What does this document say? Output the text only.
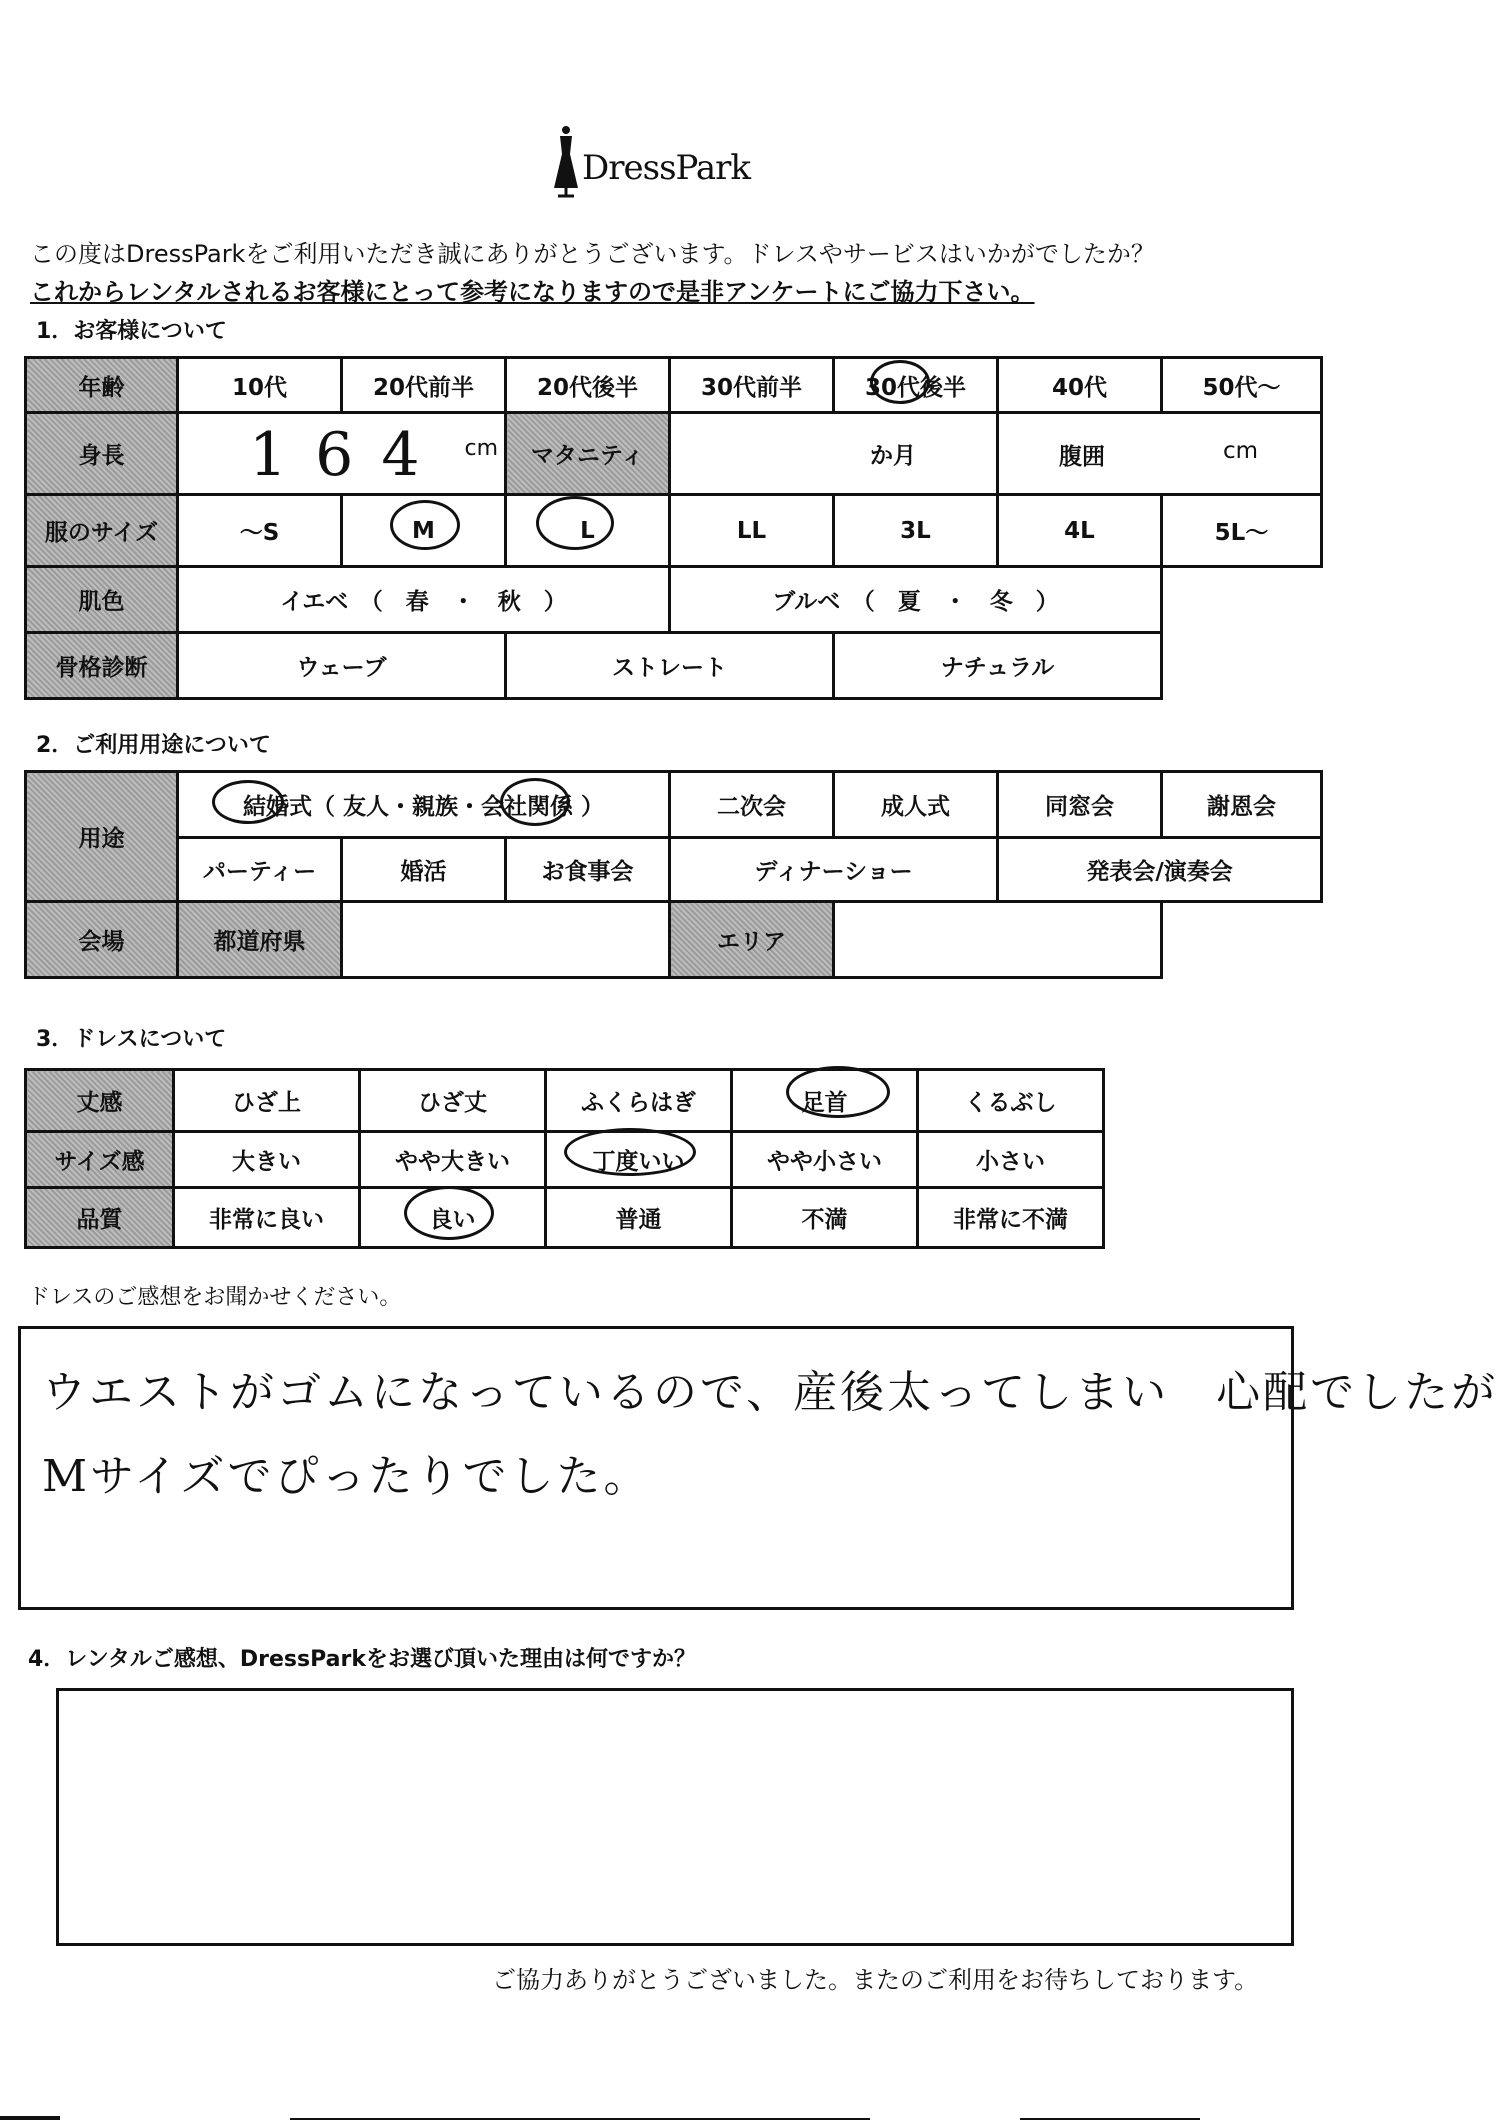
DressPark
この度はDressParkをご利用いただき誠にありがとうございます。ドレスやサービスはいかがでしたか？
これからレンタルされるお客様にとって参考になりますので是非アンケートにご協力下さい。
1．お客様について
年齢	10代	20代前半	20代後半	30代前半	30代後半	40代	50代～
身長	164 cm		マタニティ	か月		腹囲 cm	

服のサイズ	～S	M	L	LL	3L	4L	5L～
肌色	イエベ　（　春　・　秋　）			ブルベ　（　夏　・　冬　）			
骨格診断	ウェーブ		ストレート		ナチュラル		
2．ご利用用途について
用途	結婚式（ 友人・親族・会社関係 ）			二次会	成人式	同窓会	謝恩会
	パーティー	婚活	お食事会	ディナーショー		発表会/演奏会	
会場	都道府県			エリア			
3．ドレスについて
丈感	ひざ上	ひざ丈	ふくらはぎ	足首	くるぶし
サイズ感	大きい	やや大きい	丁度いい	やや小さい	小さい
品質	非常に良い	良い	普通	不満	非常に不満
ドレスのご感想をお聞かせください。
ウエストがゴムになっているので、産後太ってしまい　心配でしたが
Mサイズでぴったりでした。
4．レンタルご感想、DressParkをお選び頂いた理由は何ですか？
ご協力ありがとうございました。またのご利用をお待ちしております。
